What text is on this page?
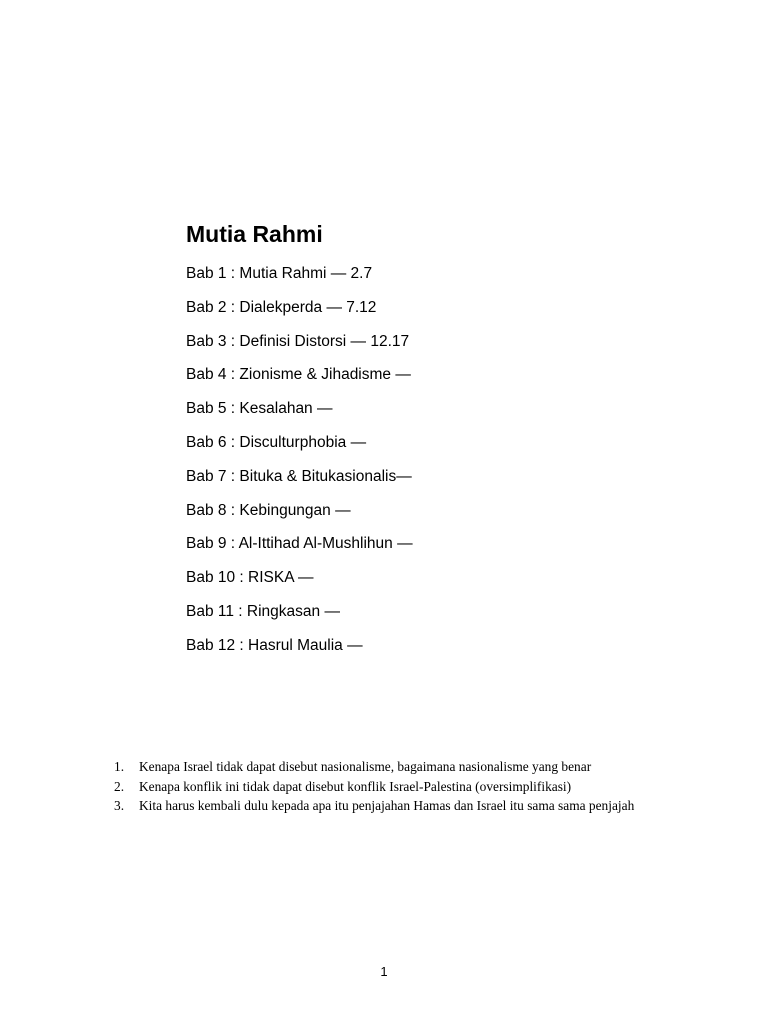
Mutia Rahmi
Bab 1 : Mutia Rahmi — 2.7
Bab 2 : Dialekperda — 7.12
Bab 3 : Definisi Distorsi — 12.17
Bab 4 : Zionisme & Jihadisme —
Bab 5 : Kesalahan —
Bab 6 : Disculturphobia —
Bab 7 : Bituka & Bitukasionalis—
Bab 8 : Kebingungan —
Bab 9 : Al-Ittihad Al-Mushlihun —
Bab 10 : RISKA —
Bab 11 : Ringkasan —
Bab 12 : Hasrul Maulia —
1. Kenapa Israel tidak dapat disebut nasionalisme, bagaimana nasionalisme yang benar
2. Kenapa konflik ini tidak dapat disebut konflik Israel-Palestina (oversimplifikasi)
3. Kita harus kembali dulu kepada apa itu penjajahan Hamas dan Israel itu sama sama penjajah
1
